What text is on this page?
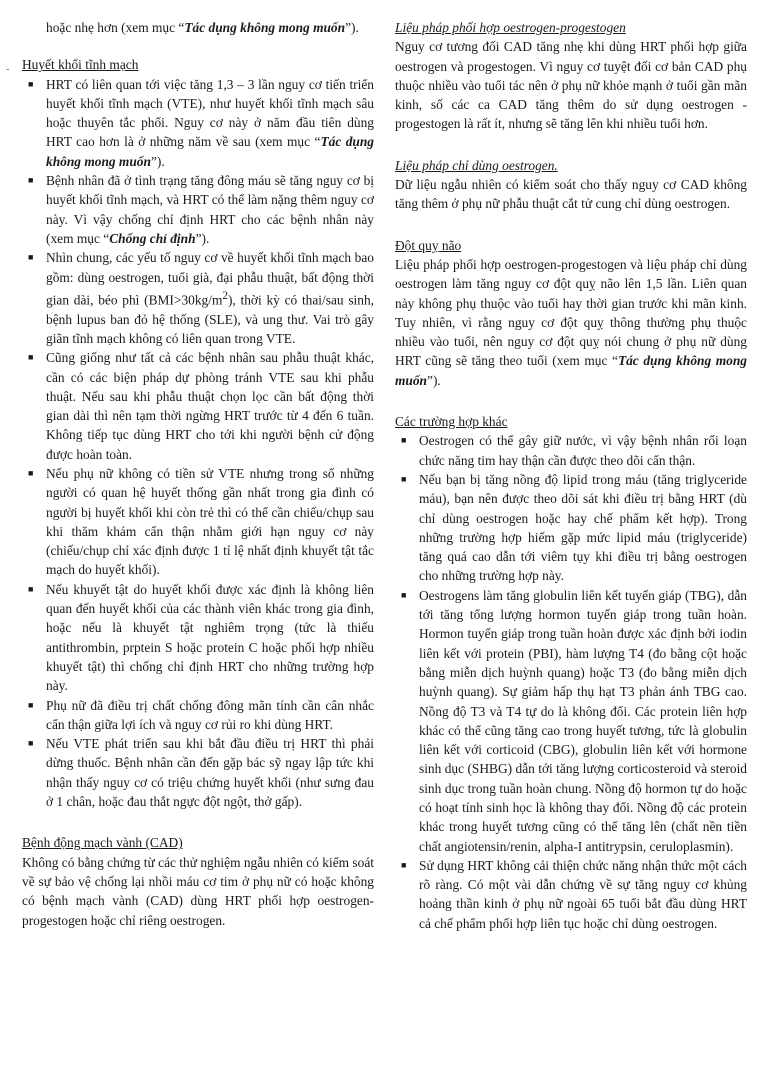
-

hoặc nhẹ hơn (xem mục “Tác dụng không mong muốn”).

Huyết khối tĩnh mạch

■ HRT có liên quan tới việc tăng 1,3 – 3 lần nguy cơ tiến triển huyết khối tĩnh mạch (VTE), như huyết khối tĩnh mạch sâu hoặc thuyên tắc phổi. Nguy cơ này ở năm đầu tiên dùng HRT cao hơn là ở những năm về sau (xem mục “Tác dụng không mong muốn”).
■ Bệnh nhân đã ở tình trạng tăng đông máu sẽ tăng nguy cơ bị huyết khối tĩnh mạch, và HRT có thể làm nặng thêm nguy cơ này. Vì vậy chống chỉ định HRT cho các bệnh nhân này (xem mục “Chống chỉ định”).
■ Nhìn chung, các yếu tố nguy cơ về huyết khối tĩnh mạch bao gồm: dùng oestrogen, tuổi già, đại phẫu thuật, bất động thời gian dài, béo phì $(BMI>30kg/m^2)$, thời kỳ có thai/sau sinh, bệnh lupus ban đỏ hệ thống (SLE), và ung thư. Vai trò gây giãn tĩnh mạch không có liên quan trong VTE.
■ Cũng giống như tất cả các bệnh nhân sau phẫu thuật khác, cần có các biện pháp dự phòng tránh VTE sau khi phẫu thuật. Nếu sau khi phẫu thuật chọn lọc cần bất động thời gian dài thì nên tạm thời ngừng HRT trước từ 4 đến 6 tuần. Không tiếp tục dùng HRT cho tới khi người bệnh cử động được hoàn toàn.
■ Nếu phụ nữ không có tiền sử VTE nhưng trong số những người có quan hệ huyết thống gần nhất trong gia đình có người bị huyết khối khi còn trẻ thì có thể cần chiếu/chụp sau khi thăm khám cẩn thận nhằm giới hạn nguy cơ này (chiếu/chụp chỉ xác định được 1 tỉ lệ nhất định khuyết tật tắc mạch do huyết khối).
■ Nếu khuyết tật do huyết khối được xác định là không liên quan đến huyết khối của các thành viên khác trong gia đình, hoặc nếu là khuyết tật nghiêm trọng (tức là thiếu antithrombin, prptein S hoặc protein C hoặc phối hợp nhiều khuyết tật) thì chống chỉ định HRT cho những trường hợp này.
■ Phụ nữ đã điều trị chất chống đông mãn tính cần cân nhắc cẩn thận giữa lợi ích và nguy cơ rủi ro khi dùng HRT.
■ Nếu VTE phát triển sau khi bắt đầu điều trị HRT thì phải dừng thuốc. Bệnh nhân cần đến gặp bác sỹ ngay lập tức khi nhận thấy nguy cơ có triệu chứng huyết khối (như sưng đau ở 1 chân, hoặc đau thắt ngực đột ngột, thở gấp).

Bệnh động mạch vành (CAD)

Không có bằng chứng từ các thử nghiệm ngẫu nhiên có kiểm soát về sự bảo vệ chống lại nhồi máu cơ tim ở phụ nữ có hoặc không có bệnh mạch vành (CAD) dùng HRT phối hợp oestrogen-progestogen hoặc chỉ riêng oestrogen.

Liệu pháp phối hợp oestrogen-progestogen

Nguy cơ tương đối CAD tăng nhẹ khi dùng HRT phối hợp giữa oestrogen và progestogen. Vì nguy cơ tuyệt đối cơ bản CAD phụ thuộc nhiều vào tuổi tác nên ở phụ nữ khỏe mạnh ở tuổi gần mãn kinh, số các ca CAD tăng thêm do sử dụng oestrogen - progestogen là rất ít, nhưng sẽ tăng lên khi nhiều tuổi hơn.

Liệu pháp chỉ dùng oestrogen.

Dữ liệu ngẫu nhiên có kiểm soát cho thấy nguy cơ CAD không tăng thêm ở phụ nữ phẫu thuật cắt tử cung chỉ dùng oestrogen.

Đột quỵ não

Liệu pháp phối hợp oestrogen-progestogen và liệu pháp chỉ dùng oestrogen làm tăng nguy cơ đột quỵ não lên 1,5 lần. Liên quan này không phụ thuộc vào tuổi hay thời gian trước khi mãn kinh. Tuy nhiên, vì rằng nguy cơ đột quỵ thông thường phụ thuộc nhiều vào tuổi, nên nguy cơ đột quỵ nói chung ở phụ nữ dùng HRT cũng sẽ tăng theo tuổi (xem mục “Tác dụng không mong muốn”).

Các trường hợp khác

■ Oestrogen có thể gây giữ nước, vì vậy bệnh nhân rối loạn chức năng tim hay thận cần được theo dõi cẩn thận.
■ Nếu bạn bị tăng nồng độ lipid trong máu (tăng triglyceride máu), bạn nên được theo dõi sát khi điều trị bằng HRT (dù chỉ dùng oestrogen hoặc hay chế phẩm kết hợp). Trong những trường hợp hiếm gặp mức lipid máu (triglyceride) tăng quá cao dẫn tới viêm tụy khi điều trị bằng oestrogen cho những trường hợp này.
■ Oestrogens làm tăng globulin liên kết tuyến giáp (TBG), dẫn tới tăng tổng lượng hormon tuyến giáp trong tuần hoàn. Hormon tuyến giáp trong tuần hoàn được xác định bởi iodin liên kết với protein (PBI), hàm lượng T4 (đo bằng cột hoặc bằng miễn dịch huỳnh quang) hoặc T3 (đo bằng miễn dịch huỳnh quang). Sự giảm hấp thụ hạt T3 phản ánh TBG cao. Nồng độ T3 và T4 tự do là không đổi. Các protein liên hợp khác có thể cũng tăng cao trong huyết tương, tức là globulin liên kết với corticoid (CBG), globulin liên kết với hormone sinh dục (SHBG) dẫn tới tăng lượng corticosteroid và steroid sinh dục trong tuần hoàn chung. Nồng độ hormon tự do hoặc có hoạt tính sinh học là không thay đổi. Nồng độ các protein khác trong huyết tương cũng có thể tăng lên (chất nền tiền chất angiotensin/renin, alpha-I antitrypsin, ceruloplasmin).
■ Sử dụng HRT không cải thiện chức năng nhận thức một cách rõ ràng. Có một vài dẫn chứng về sự tăng nguy cơ khủng hoảng thần kinh ở phụ nữ ngoài 65 tuổi bắt đầu dùng HRT cả chế phẩm phối hợp liên tục hoặc chỉ dùng oestrogen.
